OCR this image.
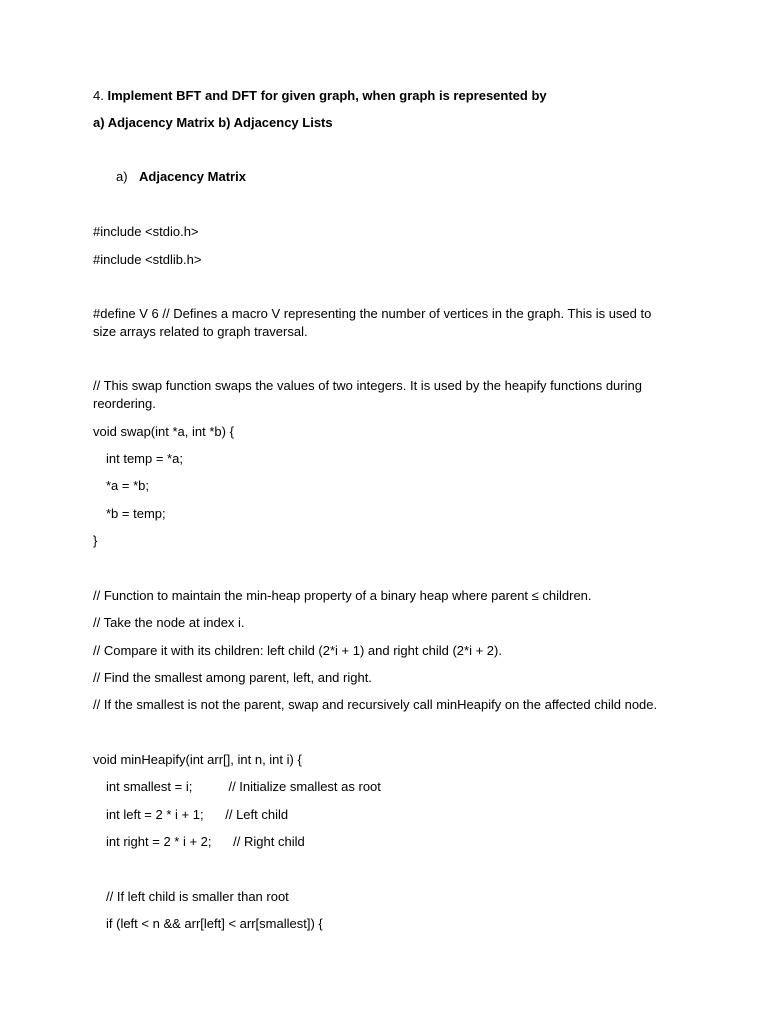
4. Implement BFT and DFT for given graph, when graph is represented by
a) Adjacency Matrix b) Adjacency Lists
a) Adjacency Matrix
#include <stdio.h>
#include <stdlib.h>
#define V 6 // Defines a macro V representing the number of vertices in the graph. This is used to size arrays related to graph traversal.
// This swap function swaps the values of two integers. It is used by the heapify functions during reordering.
void swap(int *a, int *b) {
int temp = *a;
*a = *b;
*b = temp;
}
// Function to maintain the min-heap property of a binary heap where parent ≤ children.
// Take the node at index i.
// Compare it with its children: left child (2*i + 1) and right child (2*i + 2).
// Find the smallest among parent, left, and right.
// If the smallest is not the parent, swap and recursively call minHeapify on the affected child node.
void minHeapify(int arr[], int n, int i) {
int smallest = i;          // Initialize smallest as root
int left = 2 * i + 1;      // Left child
int right = 2 * i + 2;      // Right child
// If left child is smaller than root
if (left < n && arr[left] < arr[smallest]) {
